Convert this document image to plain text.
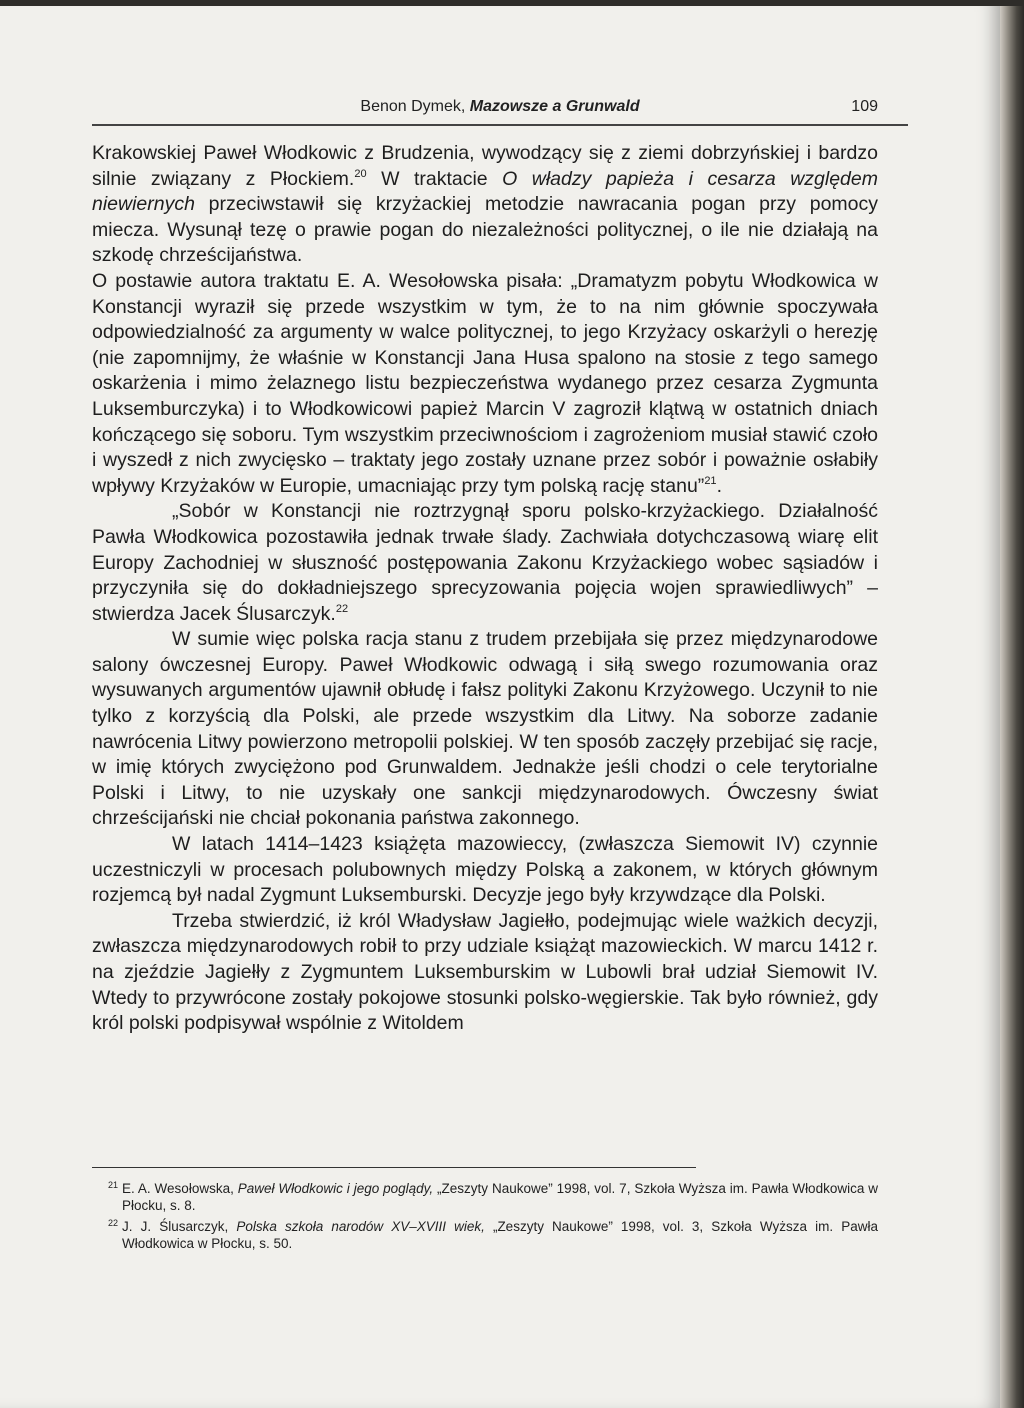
Benon Dymek, Mazowsze a Grunwald	109

Krakowskiej Paweł Włodkowic z Brudzenia, wywodzący się z ziemi dobrzyńskiej i bardzo silnie związany z Płockiem.$^{20}$ W traktacie O władzy papieża i cesarza względem niewiernych przeciwstawił się krzyżackiej metodzie nawracania pogan przy pomocy miecza. Wysunął tezę o prawie pogan do niezależności politycznej, o ile nie działają na szkodę chrześcijaństwa.

O postawie autora traktatu E. A. Wesołowska pisała: „Dramatyzm pobytu Włodkowica w Konstancji wyraził się przede wszystkim w tym, że to na nim głównie spoczywała odpowiedzialność za argumenty w walce politycznej, to jego Krzyżacy oskarżyli o herezję (nie zapomnijmy, że właśnie w Konstancji Jana Husa spalono na stosie z tego samego oskarżenia i mimo żelaznego listu bezpieczeństwa wydanego przez cesarza Zygmunta Luksemburczyka) i to Włodkowicowi papież Marcin V zagroził klątwą w ostatnich dniach kończącego się soboru. Tym wszystkim przeciwnościom i zagrożeniom musiał stawić czoło i wyszedł z nich zwycięsko – traktaty jego zostały uznane przez sobór i poważnie osłabiły wpływy Krzyżaków w Europie, umacniając przy tym polską rację stanu”$^{21}$.

„Sobór w Konstancji nie roztrzygnął sporu polsko-krzyżackiego. Działalność Pawła Włodkowica pozostawiła jednak trwałe ślady. Zachwiała dotychczasową wiarę elit Europy Zachodniej w słuszność postępowania Zakonu Krzyżackiego wobec sąsiadów i przyczyniła się do dokładniejszego sprecyzowania pojęcia wojen sprawiedliwych” – stwierdza Jacek Ślusarczyk.$^{22}$

W sumie więc polska racja stanu z trudem przebijała się przez międzynarodowe salony ówczesnej Europy. Paweł Włodkowic odwagą i siłą swego rozumowania oraz wysuwanych argumentów ujawnił obłudę i fałsz polityki Zakonu Krzyżowego. Uczynił to nie tylko z korzyścią dla Polski, ale przede wszystkim dla Litwy. Na soborze zadanie nawrócenia Litwy powierzono metropolii polskiej. W ten sposób zaczęły przebijać się racje, w imię których zwyciężono pod Grunwaldem. Jednakże jeśli chodzi o cele terytorialne Polski i Litwy, to nie uzyskały one sankcji międzynarodowych. Ówczesny świat chrześcijański nie chciał pokonania państwa zakonnego.

W latach 1414–1423 książęta mazowieccy, (zwłaszcza Siemowit IV) czynnie uczestniczyli w procesach polubownych między Polską a zakonem, w których głównym rozjemcą był nadal Zygmunt Luksemburski. Decyzje jego były krzywdzące dla Polski.

Trzeba stwierdzić, iż król Władysław Jagiełło, podejmując wiele ważkich decyzji, zwłaszcza międzynarodowych robił to przy udziale książąt mazowieckich. W marcu 1412 r. na zjeździe Jagiełły z Zygmuntem Luksemburskim w Lubowli brał udział Siemowit IV. Wtedy to przywrócone zostały pokojowe stosunki polsko-węgierskie. Tak było również, gdy król polski podpisywał wspólnie z Witoldem

21 E. A. Wesołowska, Paweł Włodkowic i jego poglądy, „Zeszyty Naukowe” 1998, vol. 7, Szkoła Wyższa im. Pawła Włodkowica w Płocku, s. 8.
22 J. J. Ślusarczyk, Polska szkoła narodów XV–XVIII wiek, „Zeszyty Naukowe” 1998, vol. 3, Szkoła Wyższa im. Pawła Włodkowica w Płocku, s. 50.
